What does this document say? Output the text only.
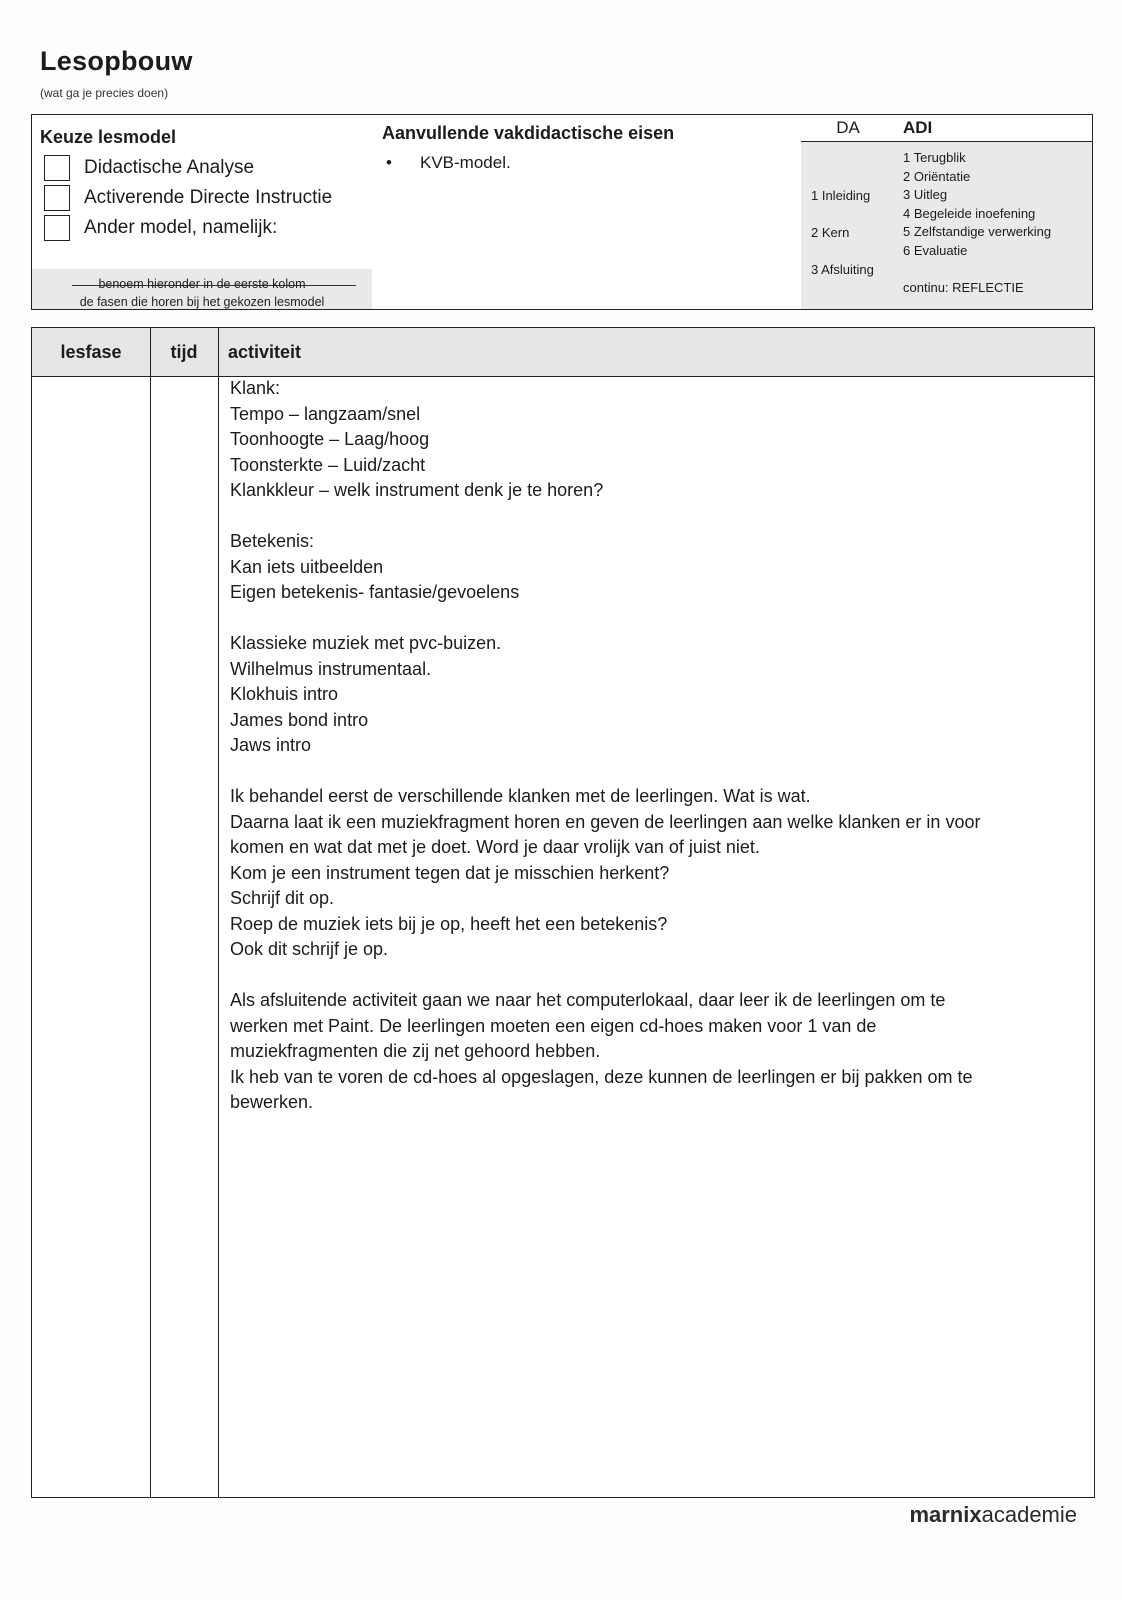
Lesopbouw
(wat ga je precies doen)
Keuze lesmodel
Didactische Analyse
Activerende Directe Instructie
Ander model, namelijk:
benoem hieronder in de eerste kolom
de fasen die horen bij het gekozen lesmodel
Aanvullende vakdidactische eisen
• KVB-model.
DA
1 Inleiding
2 Kern
3 Afsluiting
ADI
1 Terugblik
2 Oriëntatie
3 Uitleg
4 Begeleide inoefening
5 Zelfstandige verwerking
6 Evaluatie
continu: REFLECTIE
lesfase	tijd	activiteit
Klank:
Tempo – langzaam/snel
Toonhoogte – Laag/hoog
Toonsterkte – Luid/zacht
Klankkleur – welk instrument denk je te horen?
Betekenis:
Kan iets uitbeelden
Eigen betekenis- fantasie/gevoelens
Klassieke muziek met pvc-buizen.
Wilhelmus instrumentaal.
Klokhuis intro
James bond intro
Jaws intro
Ik behandel eerst de verschillende klanken met de leerlingen. Wat is wat.
Daarna laat ik een muziekfragment horen en geven de leerlingen aan welke klanken er in voor
komen en wat dat met je doet. Word je daar vrolijk van of juist niet.
Kom je een instrument tegen dat je misschien herkent?
Schrijf dit op.
Roep de muziek iets bij je op, heeft het een betekenis?
Ook dit schrijf je op.
Als afsluitende activiteit gaan we naar het computerlokaal, daar leer ik de leerlingen om te
werken met Paint. De leerlingen moeten een eigen cd-hoes maken voor 1 van de
muziekfragmenten die zij net gehoord hebben.
Ik heb van te voren de cd-hoes al opgeslagen, deze kunnen de leerlingen er bij pakken om te
bewerken.
marnixacademie
